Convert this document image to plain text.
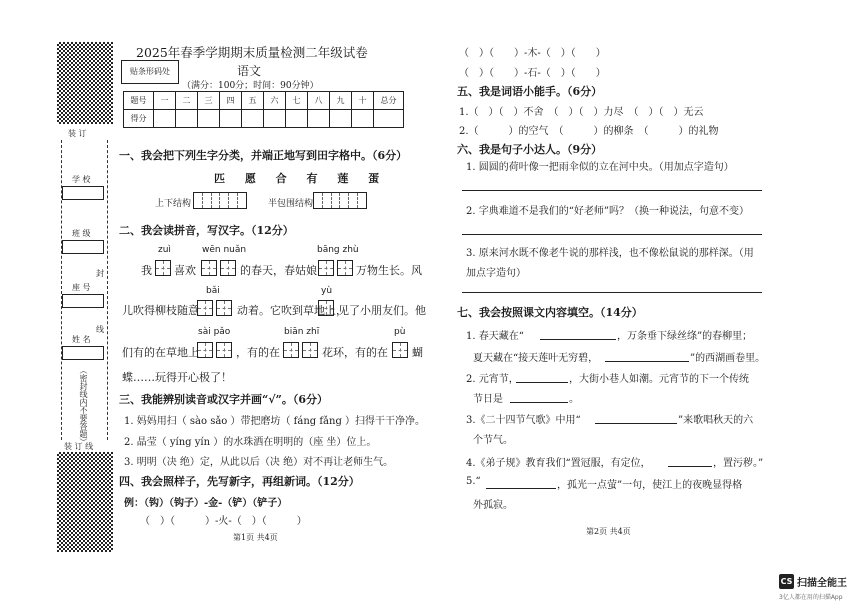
装 订
学 校
班 级
封
座 号
姓 名
线
（密封线内不要答题）
装 订 线
2025年春季学期期末质量检测二年级试卷
语文
贴条形码处
（满分：100分；时间：90分钟）
题号	一	二	三	四	五	六	七	八	九	十	总分
得分											
一、我会把下列生字分类，并端正地写到田字格中。（6分）
匹 愿 合 有 莲 蛋
上下结构	半包围结构
二、我会读拼音，写汉字。（12分）
zuì	wēn nuǎn	bāng zhù
我 喜欢	的春天，春姑娘	万物生长。风
bǎi	yù
儿吹得柳枝随意	动着。它吹到草地上，
见了小朋友们。他
sài pǎo	biān zhī	pù
们有的在草地上	，有的在	花环，有的在 蝴
蝶……玩得开心极了！
三、我能辨别读音或汉字并画“√”。（6分）
1. 妈妈用扫（ sào sǎo ）带把磨坊（ fáng fǎng ）扫得干干净净。
2. 晶莹（ yíng yín ）的水珠洒在明明的（座 坐）位上。
3. 明明（决 绝）定，从此以后（决 绝）对不再让老师生气。
四、我会照样子，先写新字，再组新词。（12分）
例：（钩）（钩子）-金-（铲）（铲子）
（　）（　　　）-火-（　）（　　　）
第1页 共4页
（　）（　　）-木-（　）（　　）
（　）（　　）-石-（　）（　　）
五、我是词语小能手。（6分）
1.（　）（　）不舍　（　）（　）力尽　（　）（　）无云
2.（　　　）的空气　（　　　）的柳条　（　　　）的礼物
六、我是句子小达人。（9分）
1. 圆圆的荷叶像一把雨伞似的立在河中央。（用加点字造句）
2. 字典难道不是我们的“好老师”吗？（换一种说法，句意不变）
3. 原来河水既不像老牛说的那样浅，也不像松鼠说的那样深。（用
加点字造句）
七、我会按照课文内容填空。（14分）
1. 春天藏在“	，万条垂下绿丝绦”的春柳里；
夏天藏在“接天莲叶无穷碧，	”的西湖画卷里。
2. 元宵节，	，大街小巷人如潮。元宵节的下一个传统
节日是	。
3.《二十四节气歌》中用“	”来歌唱秋天的六
个节气。
4.《弟子规》教育我们“置冠服，有定位，	，置污秽。”
5.“	，孤光一点萤”一句，使江上的夜晚显得格
外孤寂。
第2页 共4页
CS 扫描全能王
3亿人都在用的扫描App
